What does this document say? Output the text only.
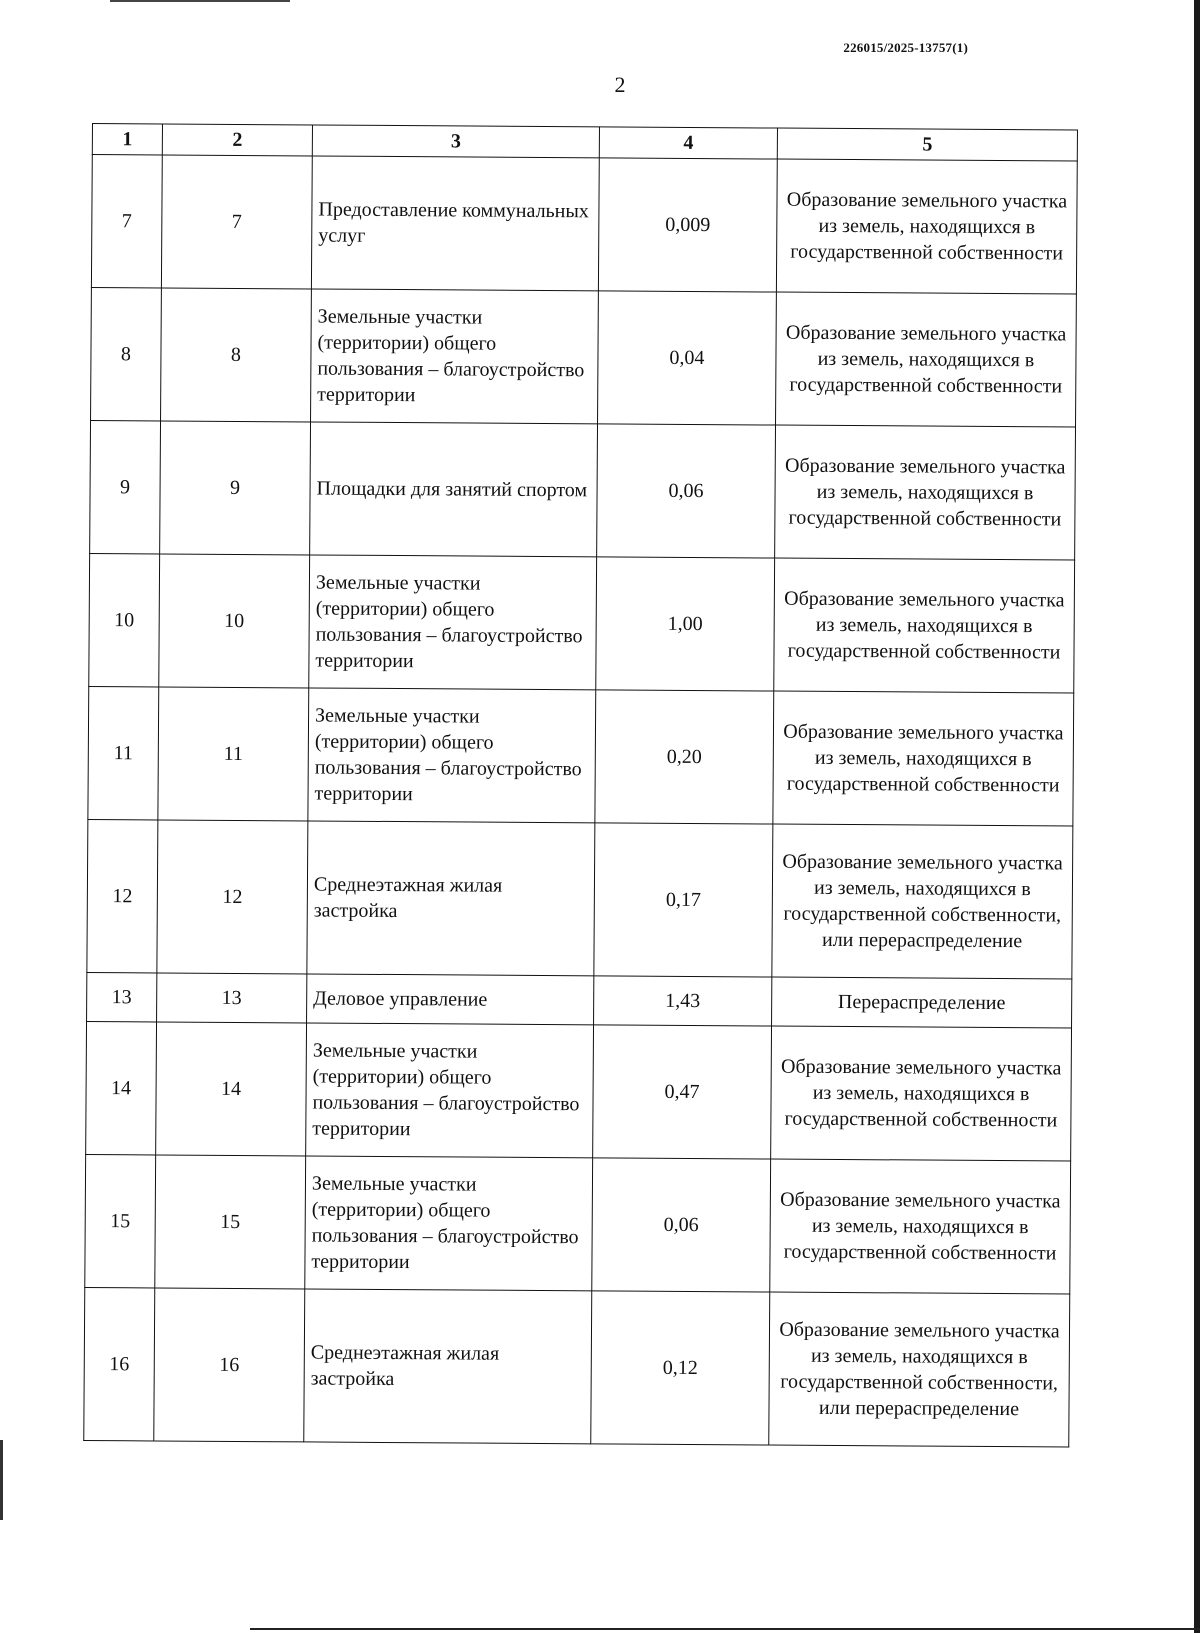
226015/2025-13757(1)
2
1	2	3	4	5
7	7	Предоставление коммунальных услуг	0,009	Образование земельного участка из земель, находящихся в государственной собственности
8	8	Земельные участки (территории) общего пользования – благоустройство территории	0,04	Образование земельного участка из земель, находящихся в государственной собственности
9	9	Площадки для занятий спортом	0,06	Образование земельного участка из земель, находящихся в государственной собственности
10	10	Земельные участки (территории) общего пользования – благоустройство территории	1,00	Образование земельного участка из земель, находящихся в государственной собственности
11	11	Земельные участки (территории) общего пользования – благоустройство территории	0,20	Образование земельного участка из земель, находящихся в государственной собственности
12	12	Среднеэтажная жилая застройка	0,17	Образование земельного участка из земель, находящихся в государственной собственности, или перераспределение
13	13	Деловое управление	1,43	Перераспределение
14	14	Земельные участки (территории) общего пользования – благоустройство территории	0,47	Образование земельного участка из земель, находящихся в государственной собственности
15	15	Земельные участки (территории) общего пользования – благоустройство территории	0,06	Образование земельного участка из земель, находящихся в государственной собственности
16	16	Среднеэтажная жилая застройка	0,12	Образование земельного участка из земель, находящихся в государственной собственности, или перераспределение
